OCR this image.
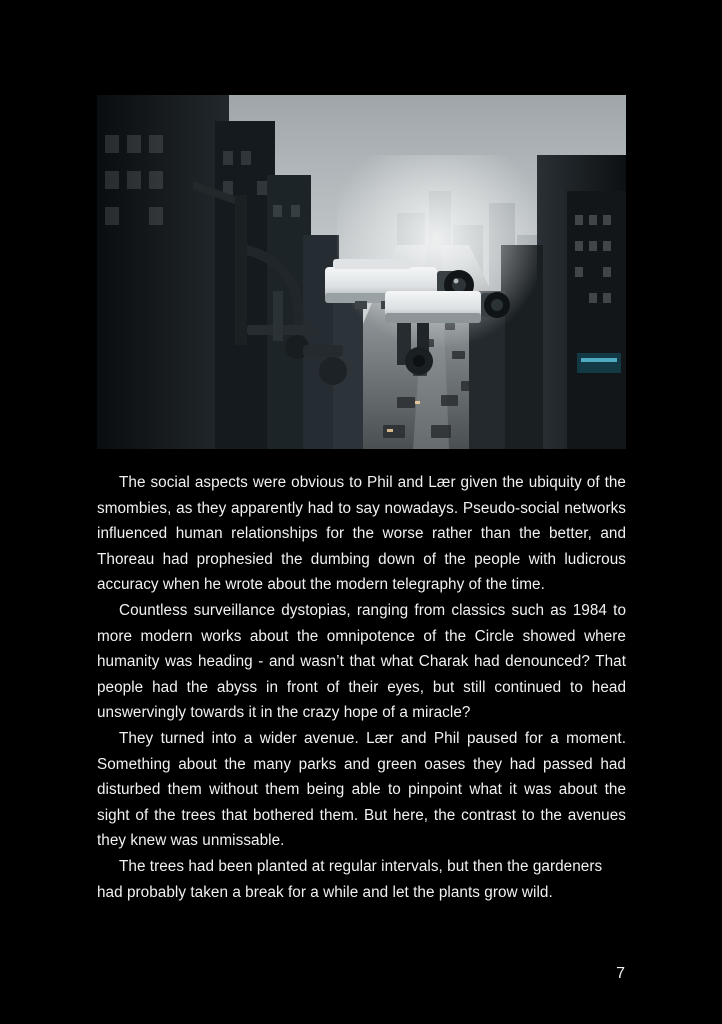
The social aspects were obvious to Phil and Lær given the ubiquity of the smombies, as they apparently had to say nowadays. Pseudo-social networks influenced human relationships for the worse rather than the better, and Thoreau had prophesied the dumbing down of the people with ludicrous accuracy when he wrote about the modern telegraphy of the time.

Countless surveillance dystopias, ranging from classics such as 1984 to more modern works about the omnipotence of the Circle showed where humanity was heading - and wasn’t that what Charak had denounced? That people had the abyss in front of their eyes, but still continued to head unswervingly towards it in the crazy hope of a miracle?

They turned into a wider avenue. Lær and Phil paused for a moment. Something about the many parks and green oases they had passed had disturbed them without them being able to pinpoint what it was about the sight of the trees that bothered them. But here, the contrast to the avenues they knew was unmissable.

The trees had been planted at regular intervals, but then the gardeners had probably taken a break for a while and let the plants grow wild.

7
